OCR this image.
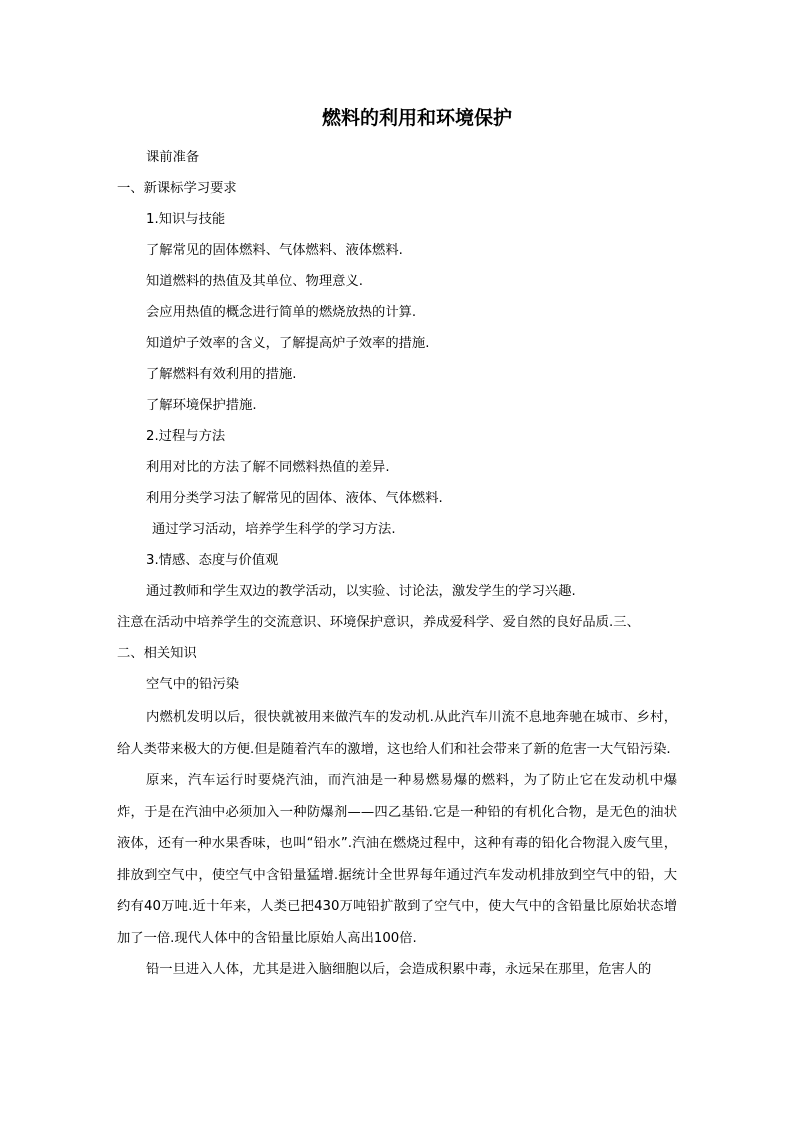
燃料的利用和环境保护
课前准备
一、新课标学习要求
1.知识与技能
了解常见的固体燃料、气体燃料、液体燃料.
知道燃料的热值及其单位、物理意义.
会应用热值的概念进行简单的燃烧放热的计算.
知道炉子效率的含义，了解提高炉子效率的措施.
了解燃料有效利用的措施.
了解环境保护措施.
2.过程与方法
利用对比的方法了解不同燃料热值的差异.
利用分类学习法了解常见的固体、液体、气体燃料.
通过学习活动，培养学生科学的学习方法.
3.情感、态度与价值观
通过教师和学生双边的教学活动，以实验、讨论法，激发学生的学习兴趣.
注意在活动中培养学生的交流意识、环境保护意识，养成爱科学、爱自然的良好品质.三、
二、相关知识
空气中的铅污染
内燃机发明以后，很快就被用来做汽车的发动机.从此汽车川流不息地奔驰在城市、乡村，给人类带来极大的方便.但是随着汽车的激增，这也给人们和社会带来了新的危害一大气铅污染.
原来，汽车运行时要烧汽油，而汽油是一种易燃易爆的燃料，为了防止它在发动机中爆炸，于是在汽油中必须加入一种防爆剂——四乙基铅.它是一种铅的有机化合物，是无色的油状液体，还有一种水果香味，也叫“铅水”.汽油在燃烧过程中，这种有毒的铅化合物混入废气里，排放到空气中，使空气中含铅量猛增.据统计全世界每年通过汽车发动机排放到空气中的铅，大约有40万吨.近十年来，人类已把430万吨铅扩散到了空气中，使大气中的含铅量比原始状态增加了一倍.现代人体中的含铅量比原始人高出100倍.
铅一旦进入人体，尤其是进入脑细胞以后，会造成积累中毒，永远呆在那里，危害人的
